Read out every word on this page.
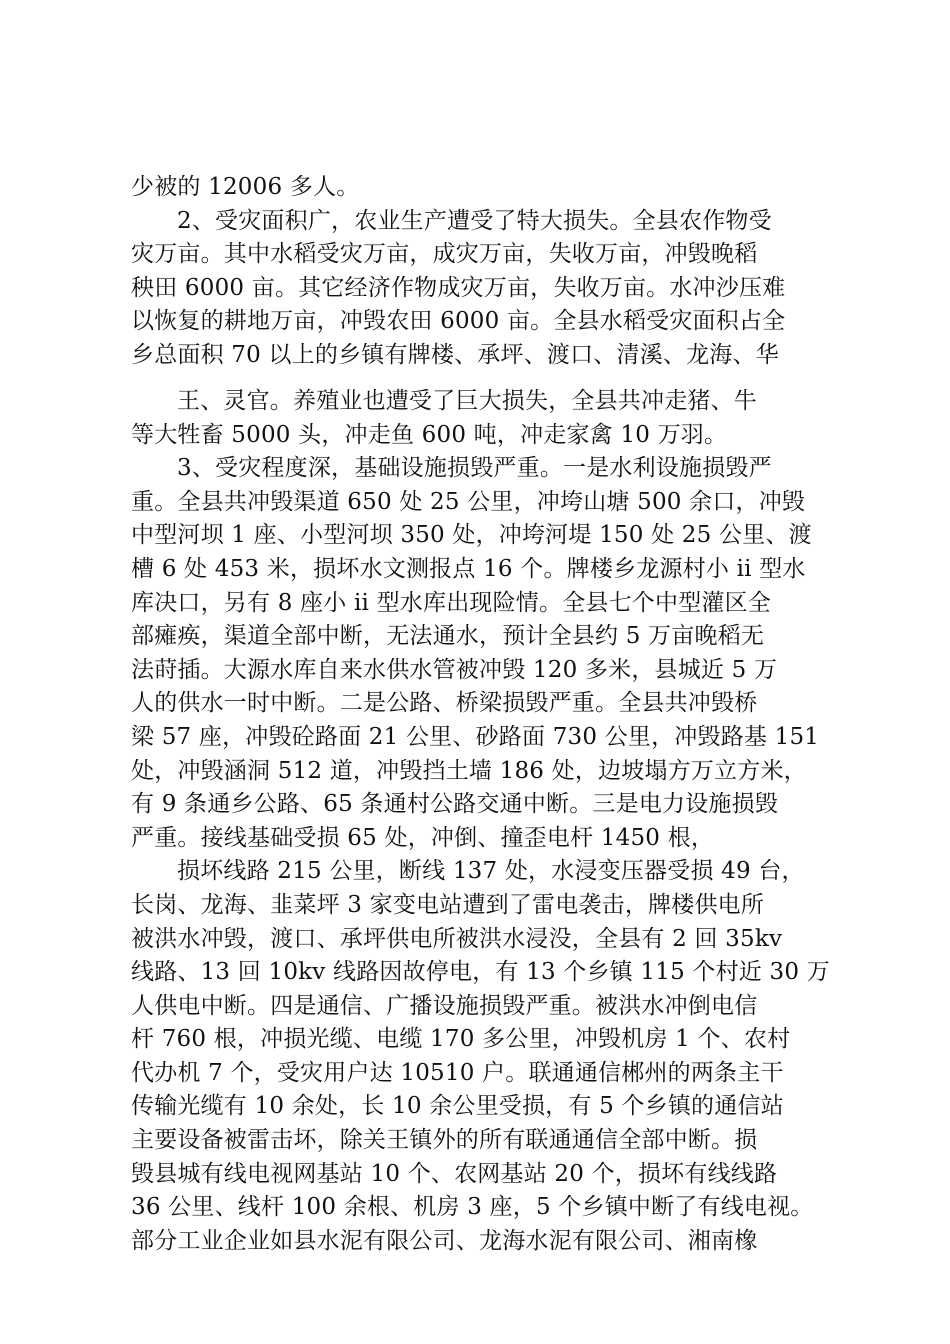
少被的 12006 多人。
2、受灾面积广，农业生产遭受了特大损失。全县农作物受
灾万亩。其中水稻受灾万亩，成灾万亩，失收万亩，冲毁晚稻
秧田 6000 亩。其它经济作物成灾万亩，失收万亩。水冲沙压难
以恢复的耕地万亩，冲毁农田 6000 亩。全县水稻受灾面积占全
乡总面积 70 以上的乡镇有牌楼、承坪、渡口、清溪、龙海、华
王、灵官。养殖业也遭受了巨大损失，全县共冲走猪、牛
等大牲畜 5000 头，冲走鱼 600 吨，冲走家禽 10 万羽。
3、受灾程度深，基础设施损毁严重。一是水利设施损毁严
重。全县共冲毁渠道 650 处 25 公里，冲垮山塘 500 余口，冲毁
中型河坝 1 座、小型河坝 350 处，冲垮河堤 150 处 25 公里、渡
槽 6 处 453 米，损坏水文测报点 16 个。牌楼乡龙源村小 ii 型水
库决口，另有 8 座小 ii 型水库出现险情。全县七个中型灌区全
部瘫痪，渠道全部中断，无法通水，预计全县约 5 万亩晚稻无
法莳插。大源水库自来水供水管被冲毁 120 多米，县城近 5 万
人的供水一时中断。二是公路、桥梁损毁严重。全县共冲毁桥
梁 57 座，冲毁砼路面 21 公里、砂路面 730 公里，冲毁路基 151
处，冲毁涵洞 512 道，冲毁挡土墙 186 处，边坡塌方万立方米，
有 9 条通乡公路、65 条通村公路交通中断。三是电力设施损毁
严重。接线基础受损 65 处，冲倒、撞歪电杆 1450 根，
损坏线路 215 公里，断线 137 处，水浸变压器受损 49 台，
长岗、龙海、韭菜坪 3 家变电站遭到了雷电袭击，牌楼供电所
被洪水冲毁，渡口、承坪供电所被洪水浸没，全县有 2 回 35kv
线路、13 回 10kv 线路因故停电，有 13 个乡镇 115 个村近 30 万
人供电中断。四是通信、广播设施损毁严重。被洪水冲倒电信
杆 760 根，冲损光缆、电缆 170 多公里，冲毁机房 1 个、农村
代办机 7 个，受灾用户达 10510 户。联通通信郴州的两条主干
传输光缆有 10 余处，长 10 余公里受损，有 5 个乡镇的通信站
主要设备被雷击坏，除关王镇外的所有联通通信全部中断。损
毁县城有线电视网基站 10 个、农网基站 20 个，损坏有线线路
36 公里、线杆 100 余根、机房 3 座，5 个乡镇中断了有线电视。
部分工业企业如县水泥有限公司、龙海水泥有限公司、湘南橡
